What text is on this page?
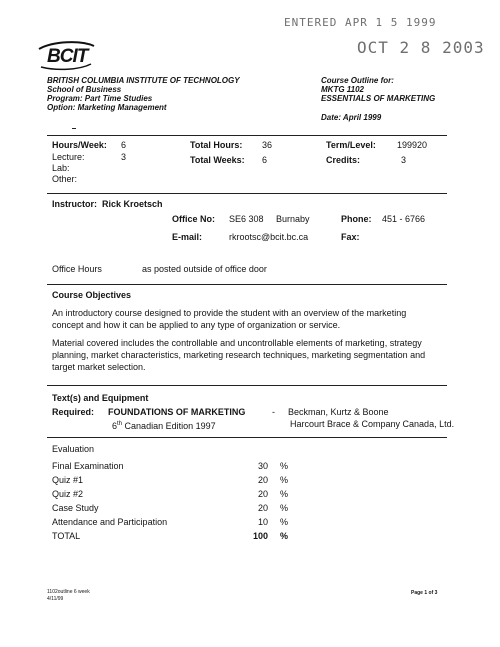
ENTERED APR 1 5 1999
OCT 2 8 2003
BCIT
BRITISH COLUMBIA INSTITUTE OF TECHNOLOGY
School of Business
Program: Part Time Studies
Option: Marketing Management
Course Outline for:
MKTG 1102
ESSENTIALS OF MARKETING
Date: April 1999
Hours/Week: 6
Lecture:	3
Lab:
Other:
Total Hours: 36
Total Weeks: 6
Term/Level: 199920
Credits:	3
Instructor: Rick Kroetsch
Office No: SE6 308 Burnaby	Phone: 451 - 6766
E-mail:	rkrootsc@bcit.bc.ca	Fax:
Office Hours	as posted outside of office door
Course Objectives
An introductory course designed to provide the student with an overview of the marketing concept and how it can be applied to any type of organization or service.
Material covered includes the controllable and uncontrollable elements of marketing, strategy planning, market characteristics, marketing research techniques, marketing segmentation and target market selection.
Text(s) and Equipment
Required: FOUNDATIONS OF MARKETING	- Beckman, Kurtz & Boone
6th Canadian Edition 1997	Harcourt Brace & Company Canada, Ltd.
Evaluation
Final Examination	30 %
Quiz #1	20 %
Quiz #2	20 %
Case Study	20 %
Attendance and Participation	10 %
TOTAL	100 %
1102outline 6 week
4/11/99
Page 1 of 3
